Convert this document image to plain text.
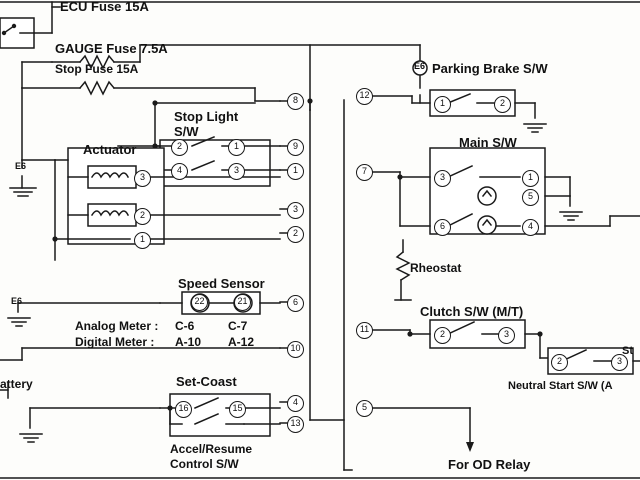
8
9
1
3
2
6
10
4
13
12
7
11
5
1	2
2	1
4	3
3
2
1
3	1
5
6	4
22	21
2	3
2	3
16	15
E6
E6
E6
ECU Fuse 15A
GAUGE Fuse 7.5A
Stop Fuse 15A	Parking Brake S/W
Stop Light
S/W
Actuator	Main S/W
Rheostat
Speed Sensor
Clutch S/W (M/T)
Neutral Start S/W (A
St
Set-Coast
Accel/Resume
Control S/W
attery
Analog Meter : C-6	C-7
Digital Meter : A-10 A-12
For OD Relay
